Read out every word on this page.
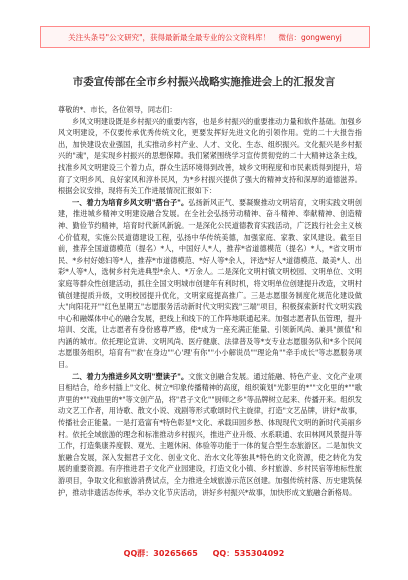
关注头条号"公文研究"，获得最新最全最专业的公文资料库！
微信：gongwenyj
市委宣传部在全市乡村振兴战略实施推进会上的汇报发言

尊敬的*、市长，各位领导，同志们：

乡风文明建设既是乡村振兴的重要内容，也是乡村振兴的重要推动力量和软件基础。加强乡风文明建设，不仅要传承优秀传统文化，更要发挥好先进文化的引领作用。党的二十大报告指出，加快建设农业强国，扎实推动乡村产业、人才、文化、生态、组织振兴。文化振兴是乡村振兴的"魂"，是实现乡村振兴的思想保障。我们紧紧围绕学习宣传贯彻党的二十大精神这条主线，找准乡风文明建设三个着力点，群众生活环境得到改善，城乡文明程度和市民素质得到提升，培育了文明乡风、良好家风和淳朴民风，为*乡村振兴提供了强大的精神支持和深厚的道德滋养。根据会议安排，现将有关工作进展情况汇报如下：

一、着力为培育乡风文明"搭台子"。弘扬新风正气、要凝聚推动文明培育，文明实践文明创建，推进城乡精神文明建设融合发展。在全社会弘扬劳动精神、奋斗精神、奉献精神、创造精神、勤俭节约精神，培育时代新风新貌。一是深化公民道德教育实践活动，广泛践行社会主义核心价值观，实施公民道德建设工程，弘扬中华传统美德，加强家庭、家教、家风建设。截至目前，推荐全国道德模范（提名）*人，中国好人*人，推荐*省道德模范（提名）*人，*省文明市民、*乡村好媳妇等*人，推荐*市道德模范、*好人等*余人，评选*好人*道德模范、最美*人、出彩*人等*人，选树乡村先进典型*余人、*万余人。二是深化文明村镇文明校园、文明单位、文明家庭等群众性创建活动，抓住全国文明城市创建年有利时机，将文明单位创建提升改造，文明村镇创建提质升级，文明校园提升优化，文明家庭提高推广。三是志愿服务制度化规范化建设做大"向阳花开""红色星期五"志愿服务活动新时代文明实践"三端"项目，积极探索新时代文明实践中心和融媒体中心的融合发展，把线上和线下的工作阵地联通起来。加强志愿者队伍管理，提升培训、交流，让志愿者有身份感尊严感，使*成为一座充满正能量、引领新风尚、兼具"颜值"和内涵的城市。依托理论宣讲、文明风尚、医疗健康、法律普及等*支专业志愿服务队和*多个民间志愿服务组织，培育有"'救'在身边""心'理'有你""小小解说员""理论角""牵手成长"等志愿服务项目。

二、着力为推进乡风文明"塑读子"。文旅文创融合发展。通过能融、特色产业、文化产业项目相结合，给乡村插上"文化、树立*印象传播精神的高度，组织策划"光影里的*""文化里的*""歌声里的*""戏曲里的*"等文创产品，将"君子文化""厨师之乡"等品牌树立起来、传播开来。组织发动文艺工作者，用诗歌、散文小说、戏剧等形式歌颂时代主旋律，打造"文艺品牌，讲好*故事，传播社会正能量。一是打造富有*特色彰显*文化、承载田园乡愁、体现现代文明的新时代美丽乡村。依托全域旅游的理念和标准推动乡村振兴，推进产业升级、水系联通、农田林网风景提升等工作，打造集康养度假、观光、主题休闲、体验等功能于一体的复合型生态旅游区。二是加快文旅融合发展，深入发掘君子文化、创业文化、治水文化等独具*特色的文化资源，使之转化为发展的重要资源。有序推进君子文化产业园建设，打造文化小镇、乡村旅游、乡村民宿等地标性旅游项目，争取文化和旅游消费试点，全力推进全域旅游示范区创建。加强传统村落、历史建筑保护，推动非遗活态传承，举办文化节庆活动，讲好乡村振兴*故事，加快形成文旅融合新格局。

QQ群：30265665 QQ：535304092
